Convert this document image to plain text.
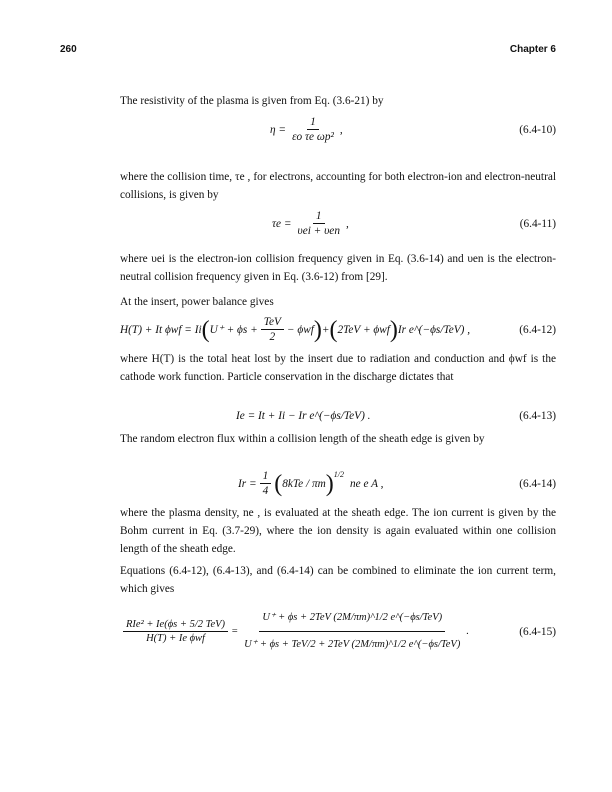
260	Chapter 6
The resistivity of the plasma is given from Eq. (3.6-21) by
$\eta = \frac{1}{\text{εo τe ωp²}}$ ,	(6.4-10)
where the collision time, τe , for electrons, accounting for both electron-ion and electron-neutral collisions, is given by
$\tau e = \frac{1}{\text{υei + υen}}$ ,	(6.4-11)
where υei is the electron-ion collision frequency given in Eq. (3.6-14) and υen is the electron-neutral collision frequency given in Eq. (3.6-12) from [29].
At the insert, power balance gives
H(T) + It ϕwf = Ii ( $U^+ + \phi s + \frac{\text{TeV}}{2} - \phi wf$ ) + ( 2TeV + ϕwf ) Ir e^(−ϕs/TeV) ,	(6.4-12)
where H(T) is the total heat lost by the insert due to radiation and conduction and ϕwf is the cathode work function. Particle conservation in the discharge dictates that
Ie = It + Ii − Ir e^(−ϕs/TeV) .	(6.4-13)
The random electron flux within a collision length of the sheath edge is given by
$Ir = \frac{1}{4}$ ( 8kTe / πm )$^{1/2}$
ne e A ,	(6.4-14)
where the plasma density, ne , is evaluated at the sheath edge. The ion current is given by the Bohm current in Eq. (3.7-29), where the ion density is again evaluated within one collision length of the sheath edge.
Equations (6.4-12), (6.4-13), and (6.4-14) can be combined to eliminate the ion current term, which gives
$\frac{\text{RIe² + Ie(ϕs + 5/2 TeV)}}{\text{H(T) + Ie ϕwf}} = \frac{\text{U⁺ + ϕs + 2TeV (2M/πm)\textasciicircum{}1/2 e\textasciicircum{}(−ϕs/TeV)}}{\text{U⁺ + ϕs + TeV/2 + 2TeV (2M/πm)\textasciicircum{}1/2 e\textasciicircum{}(−ϕs/TeV)}}$ .	(6.4-15)
